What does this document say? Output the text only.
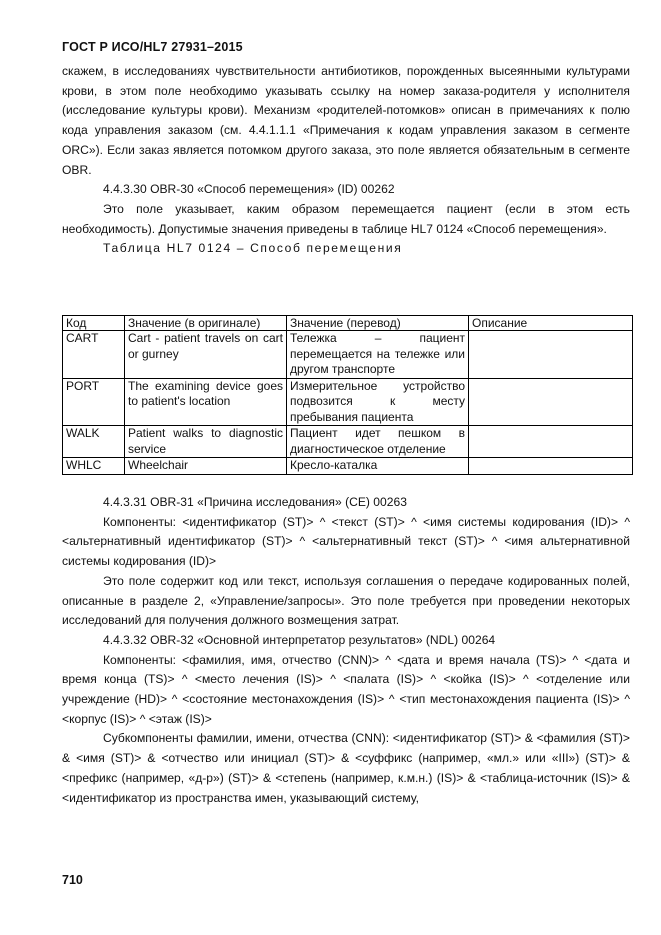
ГОСТ Р ИСО/HL7 27931–2015

скажем, в исследованиях чувствительности антибиотиков, порожденных высеянными культурами крови, в этом поле необходимо указывать ссылку на номер заказа-родителя у исполнителя (исследование культуры крови). Механизм «родителей-потомков» описан в примечаниях к полю кода управления заказом (см. 4.4.1.1.1 «Примечания к кодам управления заказом в сегменте ORC»). Если заказ является потомком другого заказа, это поле является обязательным в сегменте OBR.

4.4.3.30 OBR-30 «Способ перемещения» (ID) 00262

Это поле указывает, каким образом перемещается пациент (если в этом есть необходимость). Допустимые значения приведены в таблице HL7 0124 «Способ перемещения».

Таблица HL7 0124 – Способ перемещения

Код	Значение (в оригинале)	Значение (перевод)	Описание
CART	Cart - patient travels on cart or gurney	Тележка – пациент перемещается на тележке или другом транспорте	
PORT	The examining device goes to patient's location	Измерительное устройство подвозится к месту пребывания пациента	
WALK	Patient walks to diagnostic service	Пациент идет пешком в диагностическое отделение	
WHLC	Wheelchair	Кресло-каталка	

4.4.3.31 OBR-31 «Причина исследования» (CE) 00263

Компоненты: <идентификатор (ST)> ^ <текст (ST)> ^ <имя системы кодирования (ID)> ^ <альтернативный идентификатор (ST)> ^ <альтернативный текст (ST)> ^ <имя альтернативной системы кодирования (ID)>

Это поле содержит код или текст, используя соглашения о передаче кодированных полей, описанные в разделе 2, «Управление/запросы». Это поле требуется при проведении некоторых исследований для получения должного возмещения затрат.

4.4.3.32 OBR-32 «Основной интерпретатор результатов» (NDL) 00264

Компоненты: <фамилия, имя, отчество (CNN)> ^ <дата и время начала (TS)> ^ <дата и время конца (TS)> ^ <место лечения (IS)> ^ <палата (IS)> ^ <койка (IS)> ^ <отделение или учреждение (HD)> ^ <состояние местонахождения (IS)> ^ <тип местонахождения пациента (IS)> ^ <корпус (IS)> ^ <этаж (IS)>

Субкомпоненты фамилии, имени, отчества (CNN): <идентификатор (ST)> & <фамилия (ST)> & <имя (ST)> & <отчество или инициал (ST)> & <суффикс (например, «мл.» или «III») (ST)> & <префикс (например, «д-р») (ST)> & <степень (например, к.м.н.) (IS)> & <таблица-источник (IS)> & <идентификатор из пространства имен, указывающий систему,

710
